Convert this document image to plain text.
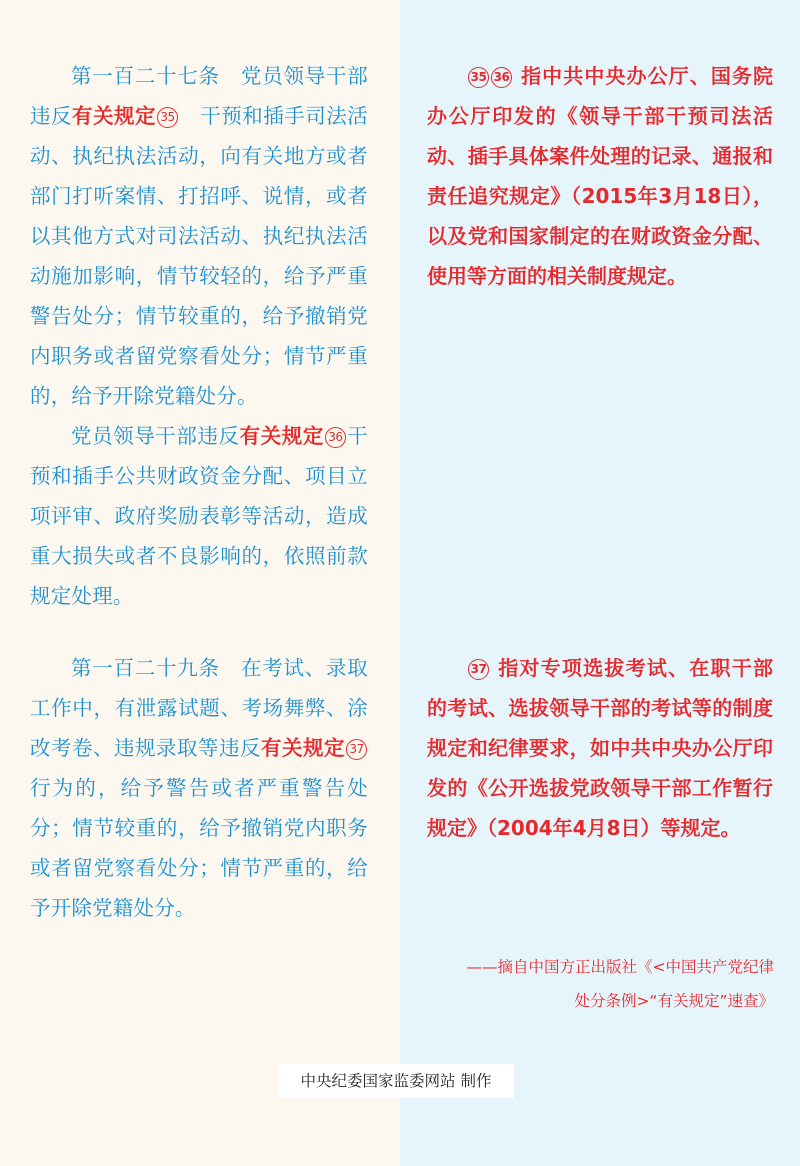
第一百二十七条　党员领导干部违反有关规定 35　干预和插手司法活动、执纪执法活动，向有关地方或者部门打听案情、打招呼、说情，或者以其他方式对司法活动、执纪执法活动施加影响，情节较轻的，给予严重警告处分；情节较重的，给予撤销党内职务或者留党察看处分；情节严重的，给予开除党籍处分。

党员领导干部违反有关规定 36 干预和插手公共财政资金分配、项目立项评审、政府奖励表彰等活动，造成重大损失或者不良影响的，依照前款规定处理。

第一百二十九条　在考试、录取工作中，有泄露试题、考场舞弊、涂改考卷、违规录取等违反有关规定 37行为的，给予警告或者严重警告处分；情节较重的，给予撤销党内职务或者留党察看处分；情节严重的，给予开除党籍处分。

35 36 指中共中央办公厅、国务院办公厅印发的《领导干部干预司法活动、插手具体案件处理的记录、通报和责任追究规定》（2015年3月18日），以及党和国家制定的在财政资金分配、使用等方面的相关制度规定。

37 指对专项选拔考试、在职干部的考试、选拔领导干部的考试等的制度规定和纪律要求，如中共中央办公厅印发的《公开选拔党政领导干部工作暂行规定》（2004年4月8日）等规定。

——摘自中国方正出版社《<中国共产党纪律
处分条例>“有关规定”速查》
中央纪委国家监委网站 制作
